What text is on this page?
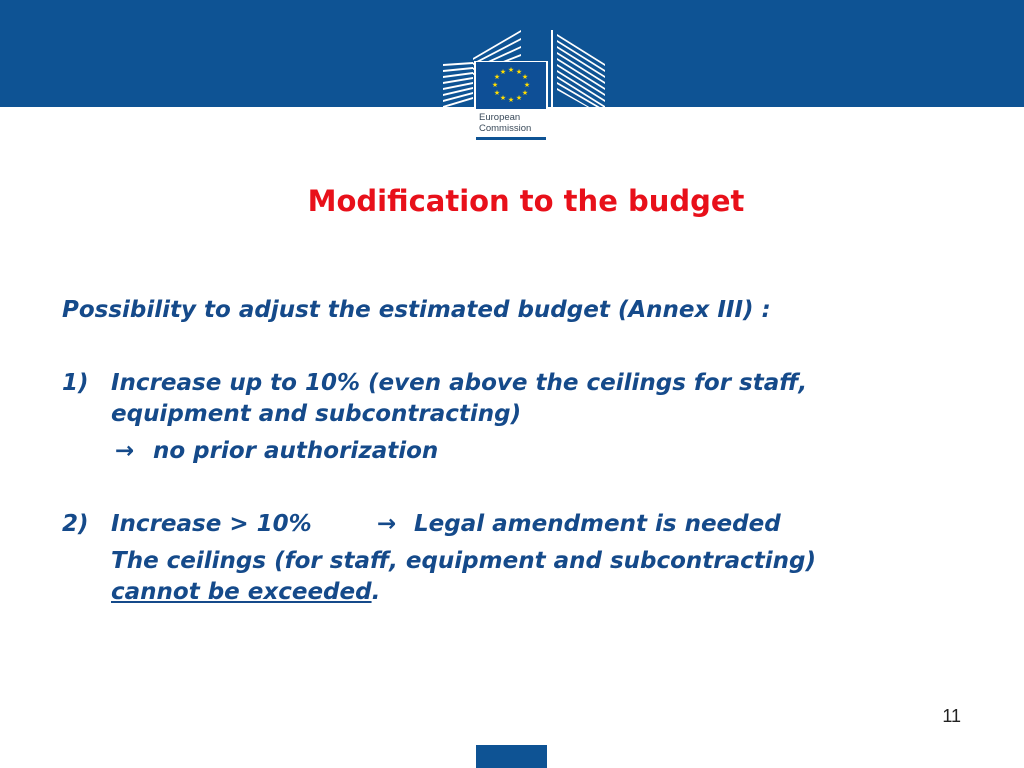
★ ★
★
★
★
★
★
★
★
★
★
★
European
Commission
Modification to the budget
Possibility to adjust the estimated budget (Annex III) :
1) Increase up to 10% (even above the ceilings for staff,
equipment and subcontracting)
→ no prior authorization
2) Increase > 10%	→ Legal amendment is needed
The ceilings (for staff, equipment and subcontracting)
cannot be exceeded.
11
